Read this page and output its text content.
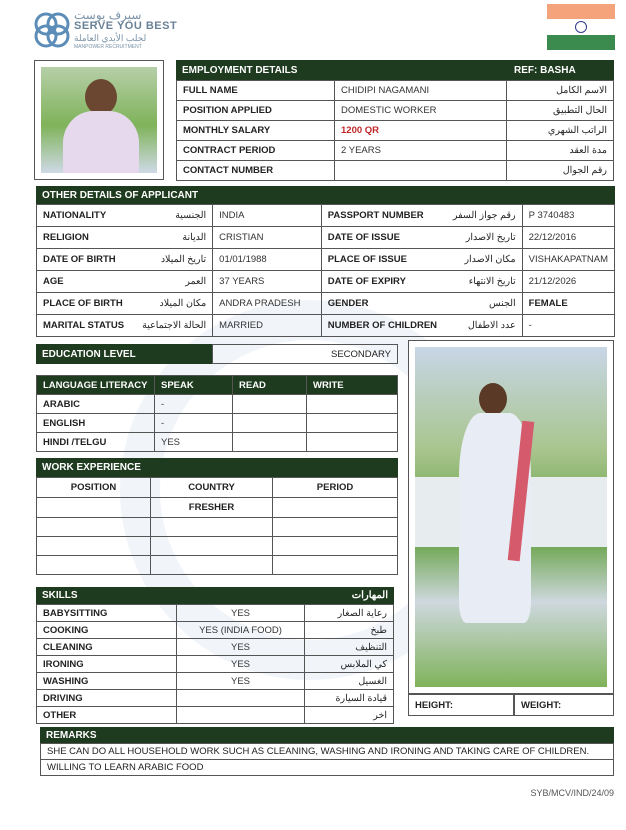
سيرف يوست
SERVE YOU BEST
لجلب الأيدي العاملة
MANPOWER RECRUITMENT
EMPLOYMENT DETAILS	REF: BASHA
FULL NAME	CHIDIPI NAGAMANI	الاسم الكامل
POSITION APPLIED	DOMESTIC WORKER	الحال التطبيق
MONTHLY SALARY	1200 QR	الراتب الشهري
CONTRACT PERIOD	2 YEARS	مدة العقد
CONTACT NUMBER		رقم الجوال
OTHER DETAILS OF APPLICANT
NATIONALITY	الجنسية	INDIA	PASSPORT NUMBER	رقم جواز السفر	P 3740483
RELIGION	الديانة	CRISTIAN	DATE OF ISSUE	تاريخ الاصدار	22/12/2016
DATE OF BIRTH	تاريخ الميلاد	01/01/1988	PLACE OF ISSUE	مكان الاصدار	VISHAKAPATNAM
AGE	العمر	37 YEARS	DATE OF EXPIRY	تاريخ الانتهاء	21/12/2026
PLACE OF BIRTH	مكان الميلاد	ANDRA PRADESH	GENDER	الجنس	FEMALE
MARITAL STATUS	الحالة الاجتماعية	MARRIED	NUMBER OF CHILDREN	عدد الاطفال	-
EDUCATION LEVEL	SECONDARY
LANGUAGE LITERACY	SPEAK	READ	WRITE
ARABIC	-		
ENGLISH	-		
HINDI /TELGU	YES		
WORK EXPERIENCE
POSITION	COUNTRY	PERIOD
	FRESHER	

SKILLS	المهارات
BABYSITTING	YES	رعاية الصغار
COOKING	YES (INDIA FOOD)	طبخ
CLEANING	YES	التنظيف
IRONING	YES	كي الملابس
WASHING	YES	الغسيل
DRIVING		قيادة السيارة
OTHER		اخر
HEIGHT:	WEIGHT:
REMARKS
SHE CAN DO ALL HOUSEHOLD WORK SUCH AS CLEANING, WASHING AND IRONING AND TAKING CARE OF CHILDREN.
WILLING TO LEARN ARABIC FOOD
SYB/MCV/IND/24/09
